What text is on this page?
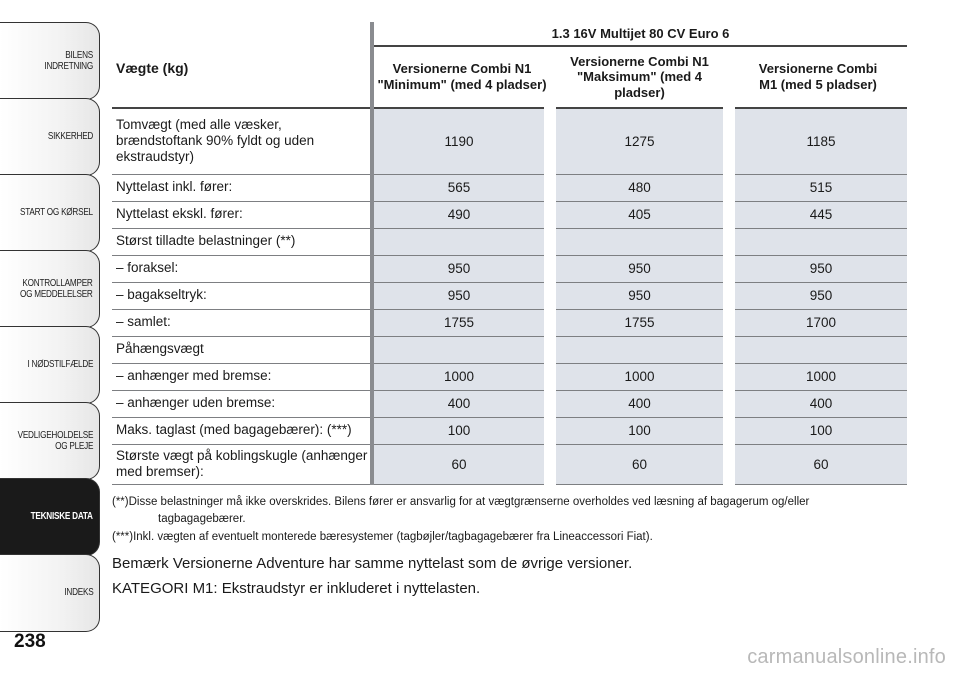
BILENS INDRETNING
SIKKERHED
START OG KØRSEL
KONTROLLAMPER
OG MEDDELELSER
I NØDSTILFÆLDE
VEDLIGEHOLDELSE
OG PLEJE
TEKNISKE DATA
INDEKS
238
Vægte (kg)	1.3 16V Multijet 80 CV Euro 6		
	Versionerne Combi N1 "Minimum" (med 4 pladser)	Versionerne Combi N1 "Maksimum" (med 4 pladser)	Versionerne Combi M1 (med 5 pladser)
Tomvægt (med alle væsker, brændstoftank 90% fyldt og uden ekstraudstyr)	1190	1275	1185
Nyttelast inkl. fører:	565	480	515
Nyttelast ekskl. fører:	490	405	445
Størst tilladte belastninger (**)			
– foraksel:	950	950	950
– bagakseltryk:	950	950	950
– samlet:	1755	1755	1700
Påhængsvægt			
– anhænger med bremse:	1000	1000	1000
– anhænger uden bremse:	400	400	400
Maks. taglast (med bagagebærer): (***)	100	100	100
Største vægt på koblingskugle (anhænger med bremser):	60	60	60
(**)Disse belastninger må ikke overskrides. Bilens fører er ansvarlig for at vægtgrænserne overholdes ved læsning af bagagerum og/eller
tagbagagebærer.
(***)Inkl. vægten af eventuelt monterede bæresystemer (tagbøjler/tagbagagebærer fra Lineaccessori Fiat).
Bemærk Versionerne Adventure har samme nyttelast som de øvrige versioner.
KATEGORI M1: Ekstraudstyr er inkluderet i nyttelasten.
carmanualsonline.info
